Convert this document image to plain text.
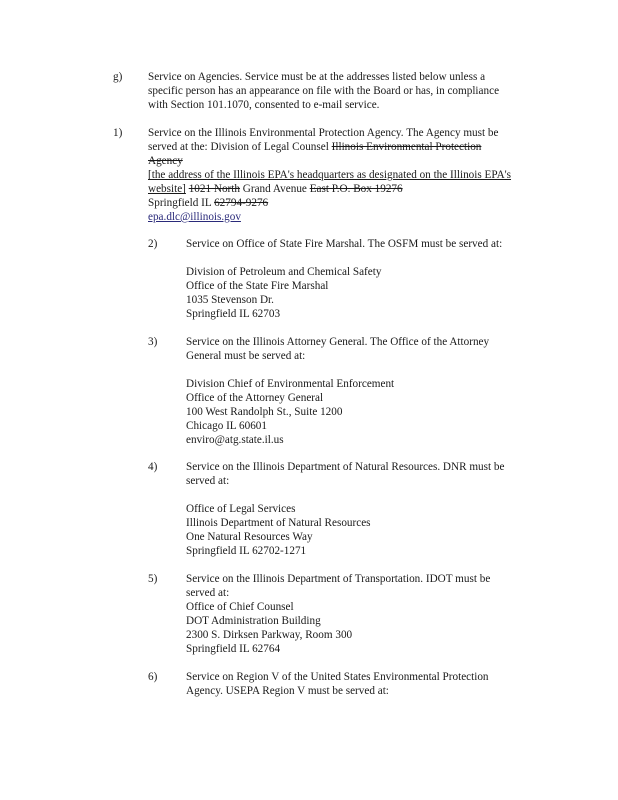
g) Service on Agencies. Service must be at the addresses listed below unless a
specific person has an appearance on file with the Board or has, in compliance
with Section 101.1070, consented to e-mail service.
1) Service on the Illinois Environmental Protection Agency. The Agency must be
served at the: Division of Legal Counsel Illinois Environmental Protection
Agency
[the address of the Illinois EPA's headquarters as designated on the Illinois EPA's
website] 1021 North Grand Avenue East P.O. Box 19276
Springfield IL 62794-9276
epa.dlc@illinois.gov
2)	Service on Office of State Fire Marshal. The OSFM must be served at:
Division of Petroleum and Chemical Safety
Office of the State Fire Marshal
1035 Stevenson Dr.
Springfield IL 62703
3)	Service on the Illinois Attorney General. The Office of the Attorney
General must be served at:
Division Chief of Environmental Enforcement
Office of the Attorney General
100 West Randolph St., Suite 1200
Chicago IL 60601
enviro@atg.state.il.us
4)	Service on the Illinois Department of Natural Resources. DNR must be
served at:
Office of Legal Services
Illinois Department of Natural Resources
One Natural Resources Way
Springfield IL 62702-1271
5)	Service on the Illinois Department of Transportation. IDOT must be
served at:
Office of Chief Counsel
DOT Administration Building
2300 S. Dirksen Parkway, Room 300
Springfield IL 62764
6)	Service on Region V of the United States Environmental Protection
Agency. USEPA Region V must be served at:
